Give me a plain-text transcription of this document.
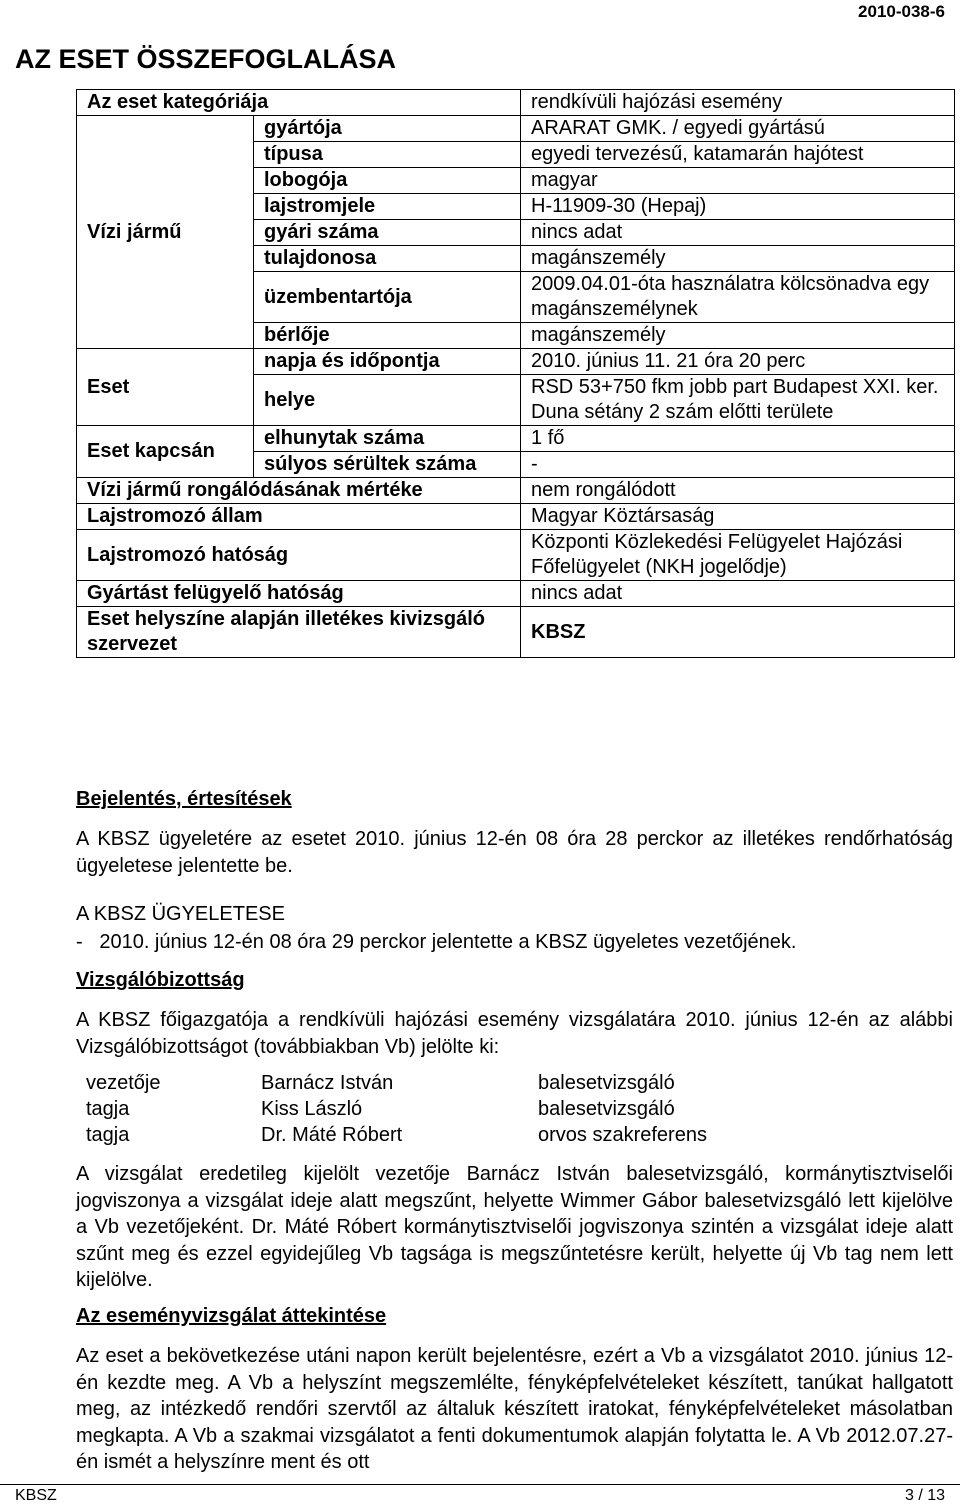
2010-038-6
AZ ESET ÖSSZEFOGLALÁSA
Az eset kategóriája		rendkívüli hajózási esemény
Vízi jármű	gyártója	ARARAT GMK. / egyedi gyártású
	típusa	egyedi tervezésű, katamarán hajótest
	lobogója	magyar
	lajstromjele	H-11909-30 (Hepaj)
	gyári száma	nincs adat
	tulajdonosa	magánszemély
	üzembentartója	2009.04.01-óta használatra kölcsönadva egy magánszemélynek
	bérlője	magánszemély
Eset	napja és időpontja	2010. június 11. 21 óra 20 perc
	helye	RSD 53+750 fkm jobb part Budapest XXI. ker. Duna sétány 2 szám előtti területe
Eset kapcsán	elhunytak száma	1 fő
	súlyos sérültek száma	-
Vízi jármű rongálódásának mértéke		nem rongálódott
Lajstromozó állam		Magyar Köztársaság
Lajstromozó hatóság		Központi Közlekedési Felügyelet Hajózási Főfelügyelet (NKH jogelődje)
Gyártást felügyelő hatóság		nincs adat
Eset helyszíne alapján illetékes kivizsgáló szervezet		KBSZ
Bejelentés, értesítések
A KBSZ ügyeletére az esetet 2010. június 12-én 08 óra 28 perckor az illetékes rendőrhatóság ügyeletese jelentette be.
A KBSZ ÜGYELETESE
-   2010. június 12-én 08 óra 29 perckor jelentette a KBSZ ügyeletes vezetőjének.
Vizsgálóbizottság
A KBSZ főigazgatója a rendkívüli hajózási esemény vizsgálatára 2010. június 12-én az alábbi Vizsgálóbizottságot (továbbiakban Vb) jelölte ki:
vezetője	Barnácz István	balesetvizsgáló
tagja	Kiss László	balesetvizsgáló
tagja	Dr. Máté Róbert	orvos szakreferens
A vizsgálat eredetileg kijelölt vezetője Barnácz István balesetvizsgáló, kormánytisztviselői jogviszonya a vizsgálat ideje alatt megszűnt, helyette Wimmer Gábor balesetvizsgáló lett kijelölve a Vb vezetőjeként. Dr. Máté Róbert kormánytisztviselői jogviszonya szintén a vizsgálat ideje alatt szűnt meg és ezzel egyidejűleg Vb tagsága is megszűntetésre került, helyette új Vb tag nem lett kijelölve.
Az eseményvizsgálat áttekintése
Az eset a bekövetkezése utáni napon került bejelentésre, ezért a Vb a vizsgálatot 2010. június 12-én kezdte meg. A Vb a helyszínt megszemlélte, fényképfelvételeket készített, tanúkat hallgatott meg, az intézkedő rendőri szervtől az általuk készített iratokat, fényképfelvételeket másolatban megkapta. A Vb a szakmai vizsgálatot a fenti dokumentumok alapján folytatta le. A Vb 2012.07.27-én ismét a helyszínre ment és ott
KBSZ	3 / 13
